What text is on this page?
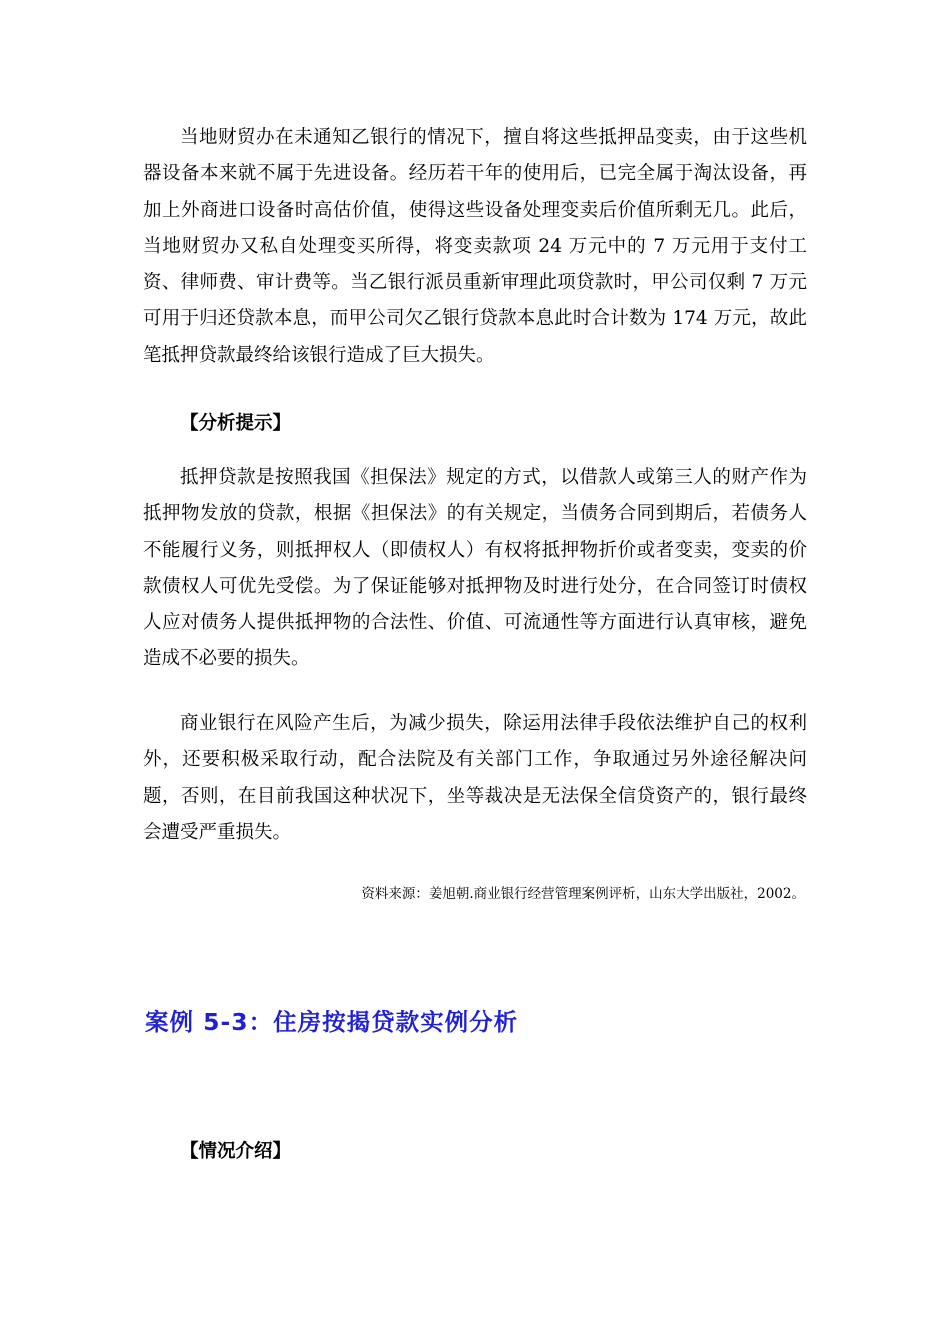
当地财贸办在未通知乙银行的情况下，擅自将这些抵押品变卖，由于这些机器设备本来就不属于先进设备。经历若干年的使用后，已完全属于淘汰设备，再加上外商进口设备时高估价值，使得这些设备处理变卖后价值所剩无几。此后，当地财贸办又私自处理变买所得，将变卖款项 24 万元中的 7 万元用于支付工资、律师费、审计费等。当乙银行派员重新审理此项贷款时，甲公司仅剩 7 万元可用于归还贷款本息，而甲公司欠乙银行贷款本息此时合计数为 174 万元，故此笔抵押贷款最终给该银行造成了巨大损失。

【分析提示】

抵押贷款是按照我国《担保法》规定的方式，以借款人或第三人的财产作为抵押物发放的贷款，根据《担保法》的有关规定，当债务合同到期后，若债务人不能履行义务，则抵押权人（即债权人）有权将抵押物折价或者变卖，变卖的价款债权人可优先受偿。为了保证能够对抵押物及时进行处分，在合同签订时债权人应对债务人提供抵押物的合法性、价值、可流通性等方面进行认真审核，避免造成不必要的损失。

商业银行在风险产生后，为减少损失，除运用法律手段依法维护自己的权利外，还要积极采取行动，配合法院及有关部门工作，争取通过另外途径解决问题，否则，在目前我国这种状况下，坐等裁决是无法保全信贷资产的，银行最终会遭受严重损失。

资料来源：姜旭朝.商业银行经营管理案例评析，山东大学出版社，2002。

案例 5-3：住房按揭贷款实例分析

【情况介绍】
